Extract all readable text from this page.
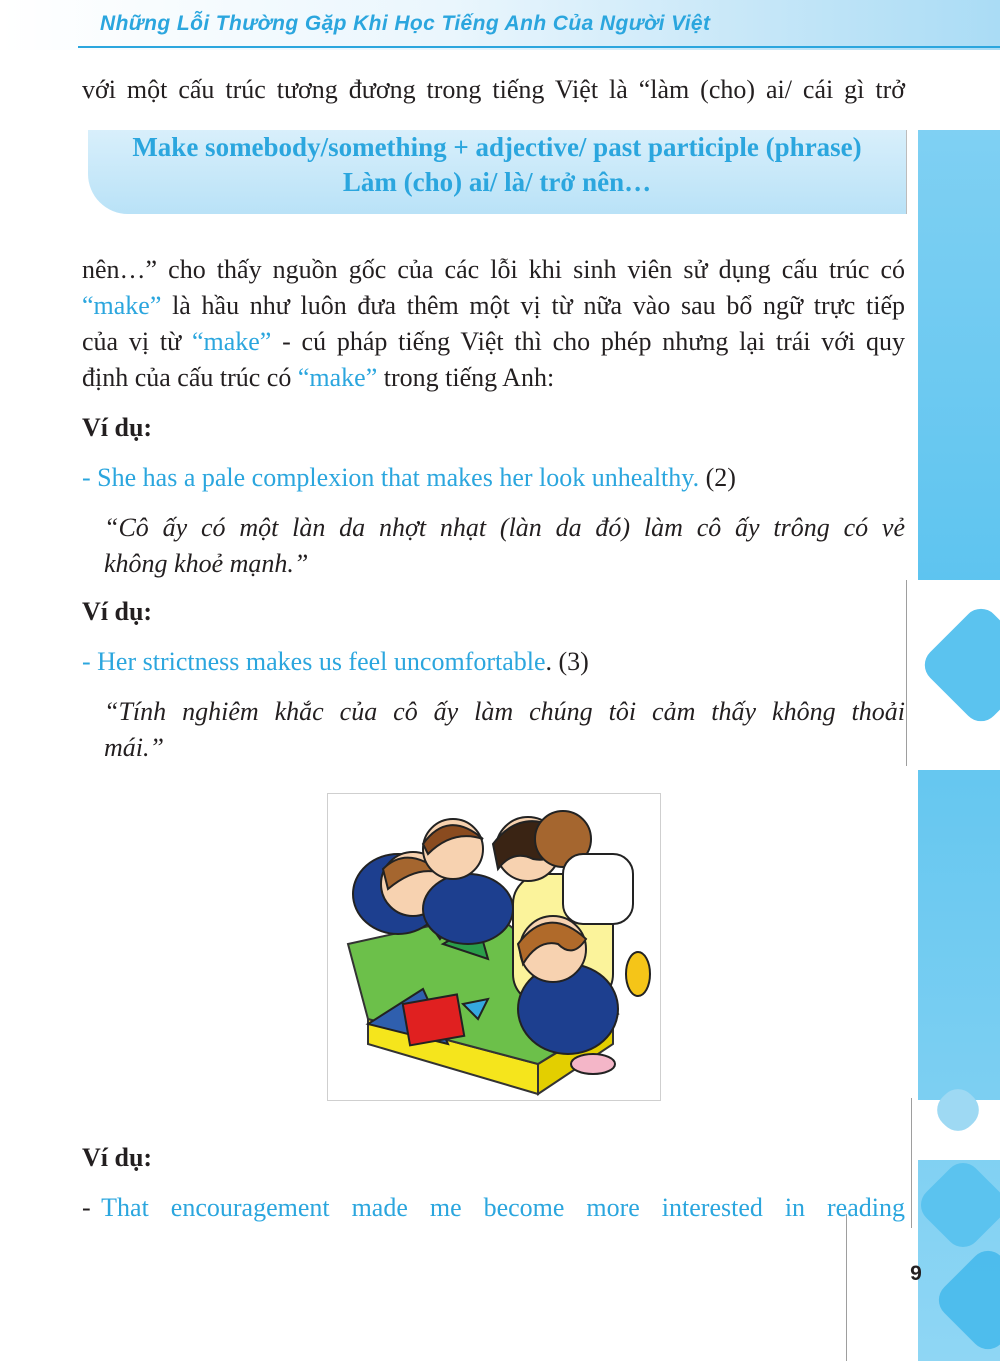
Những Lỗi Thường Gặp Khi Học Tiếng Anh Của Người Việt
với một cấu trúc tương đương trong tiếng Việt là “làm (cho) ai/ cái gì trở
Make somebody/something + adjective/ past participle (phrase)
Làm (cho) ai/ là/ trở nên…
nên…” cho thấy nguồn gốc của các lỗi khi sinh viên sử dụng cấu trúc có
“make” là hầu như luôn đưa thêm một vị từ nữa vào sau bổ ngữ trực tiếp
của vị từ “make” - cú pháp tiếng Việt thì cho phép nhưng lại trái với quy
định của cấu trúc có “make” trong tiếng Anh:
Ví dụ:
- She has a pale complexion that makes her look unhealthy. (2)
“Cô ấy có một làn da nhợt nhạt (làn da đó) làm cô ấy trông có vẻ
không khoẻ mạnh.”
Ví dụ:
- Her strictness makes us feel uncomfortable. (3)
“Tính nghiêm khắc của cô ấy làm chúng tôi cảm thấy không thoải
mái.”
Ví dụ:
- That encouragement made me become more interested in reading
9
